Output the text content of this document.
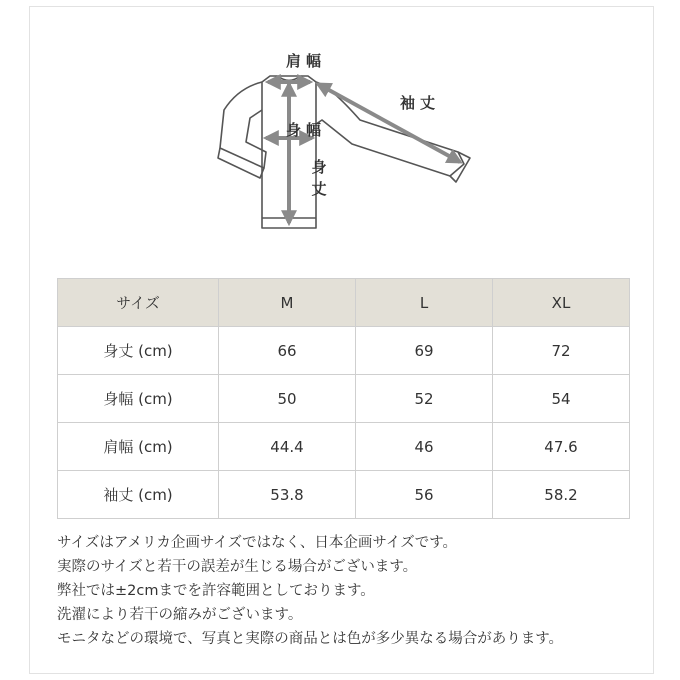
肩幅
袖丈
身幅
身丈
サイズ	M	L	XL
身丈 (cm)	66	69	72
身幅 (cm)	50	52	54
肩幅 (cm)	44.4	46	47.6
袖丈 (cm)	53.8	56	58.2
サイズはアメリカ企画サイズではなく、日本企画サイズです。
実際のサイズと若干の誤差が生じる場合がございます。
弊社では±2cmまでを許容範囲としております。
洗濯により若干の縮みがございます。
モニタなどの環境で、写真と実際の商品とは色が多少異なる場合があります。
